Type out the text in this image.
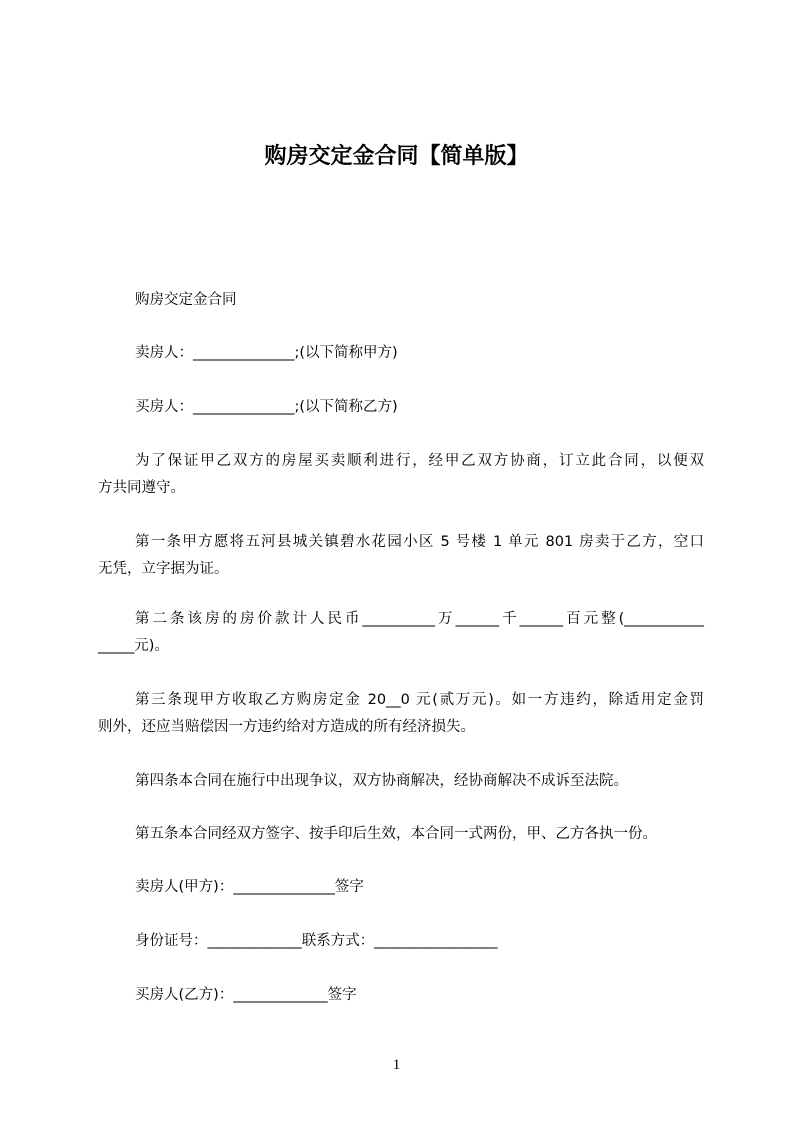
购房交定金合同【简单版】
购房交定金合同
卖房人：______________;(以下简称甲方)
买房人：______________;(以下简称乙方)
为了保证甲乙双方的房屋买卖顺利进行，经甲乙双方协商，订立此合同，以便双
方共同遵守。
第一条甲方愿将五河县城关镇碧水花园小区 5 号楼 1 单元 801 房卖于乙方，空口
无凭，立字据为证。
第二条该房的房价款计人民币__________万______千______百元整(___________
_____元)。
第三条现甲方收取乙方购房定金 20__0 元(贰万元)。如一方违约，除适用定金罚
则外，还应当赔偿因一方违约给对方造成的所有经济损失。
第四条本合同在施行中出现争议，双方协商解决，经协商解决不成诉至法院。
第五条本合同经双方签字、按手印后生效，本合同一式两份，甲、乙方各执一份。
卖房人(甲方)：______________签字
身份证号：_____________联系方式：_________________
买房人(乙方)：_____________签字
1
